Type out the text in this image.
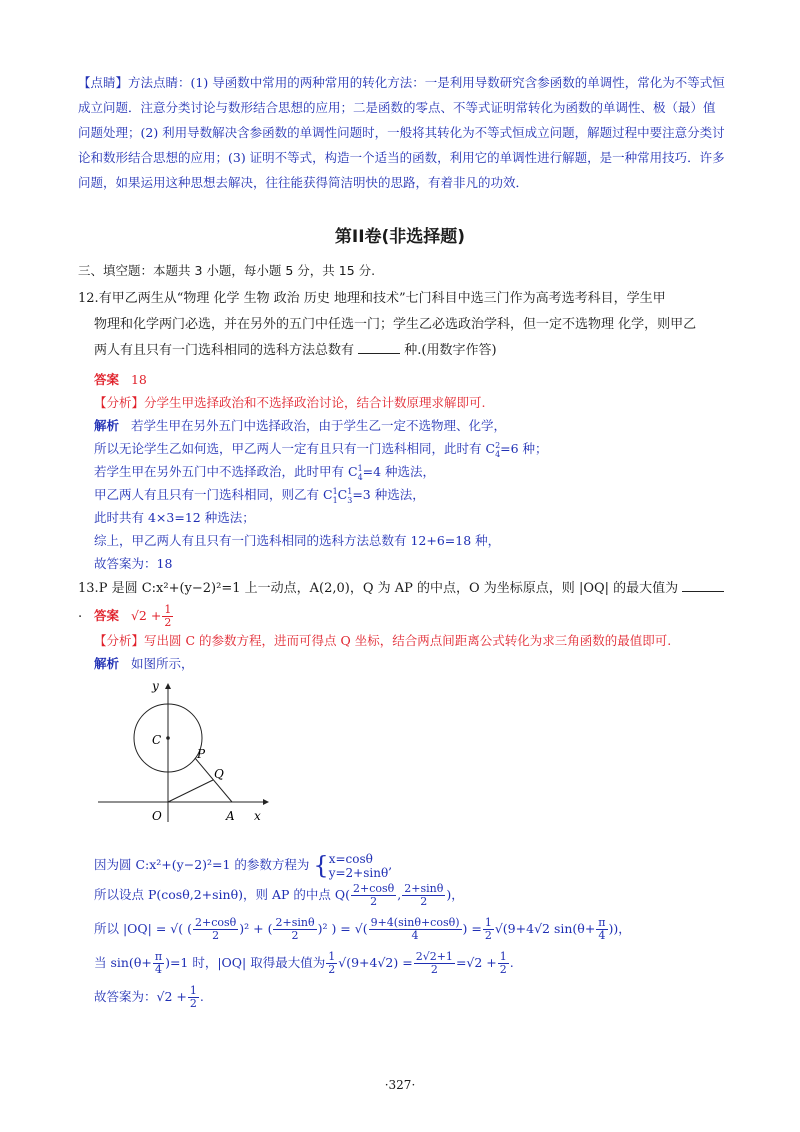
【点睛】方法点睛：(1) 导函数中常用的两种常用的转化方法：一是利用导数研究含参函数的单调性，常化为不等式恒成立问题．注意分类讨论与数形结合思想的应用；二是函数的零点、不等式证明常转化为函数的单调性、极（最）值问题处理；(2) 利用导数解决含参函数的单调性问题时，一般将其转化为不等式恒成立问题，解题过程中要注意分类讨论和数形结合思想的应用；(3) 证明不等式，构造一个适当的函数，利用它的单调性进行解题，是一种常用技巧．许多问题，如果运用这种思想去解决，往往能获得简洁明快的思路，有着非凡的功效．
第II卷(非选择题)
三、填空题：本题共 3 小题，每小题 5 分，共 15 分.
12.有甲乙两生从“物理 化学 生物 政治 历史 地理和技术”七门科目中选三门作为高考选考科目，学生甲
物理和化学两门必选，并在另外的五门中任选一门；学生乙必选政治学科，但一定不选物理 化学，则甲乙
两人有且只有一门选科相同的选科方法总数有	种.(用数字作答)
答案 18
【分析】分学生甲选择政治和不选择政治讨论，结合计数原理求解即可.
解析 若学生甲在另外五门中选择政治，由于学生乙一定不选物理、化学，
所以无论学生乙如何选，甲乙两人一定有且只有一门选科相同，此时有 C 2
4 =6 种；
若学生甲在另外五门中不选择政治，此时甲有 C 1
4 =4 种选法，
甲乙两人有且只有一门选科相同，则乙有 C 1
1 C 1
3 =3 种选法，
此时共有 4×3=12 种选法；
综上，甲乙两人有且只有一门选科相同的选科方法总数有 12+6=18 种，
故答案为：18
13.P 是圆 C:x²+(y−2)²=1 上一动点，A(2,0)，Q 为 AP 的中点，O 为坐标原点，则 |OQ| 的最大值为 . 答案 $√2 + \frac{1}{2}$
【分析】写出圆 C 的参数方程，进而可得点 Q 坐标，结合两点间距离公式转化为求三角函数的最值即可.
解析 如图所示，
y
x
C
P
Q
O	A
因为圆 C:x²+(y−2)²=1 的参数方程为 { x=cosθ
y=2+sinθ
,
所以设点 P(cosθ,2+sinθ)，则 AP 的中点 $Q( \frac{2+\cos\theta}{2}$ , $\frac{2+\sin\theta}{2}$ )，
所以 |OQ| = √( ( $\frac{2+\cos\theta}{2} )^2$ + ( $\frac{2+\sin\theta}{2} )^2$ ) = √( $\frac{9+4(\sin\theta+\cos\theta)}{4}$ ) = $\frac{1}{2} √(9+4√2$ $\sin(\theta+ \frac{\pi}{4}$ ))，
当 $\sin(\theta+ \frac{\pi}{4} )=1$ 时，|OQ| 取得最大值为 $\frac{1}{2} √(9+4√2) = \frac{2√2+1}{2} =√2 + \frac{1}{2}$ .
故答案为：$√2 + \frac{1}{2}$ .
·327·
